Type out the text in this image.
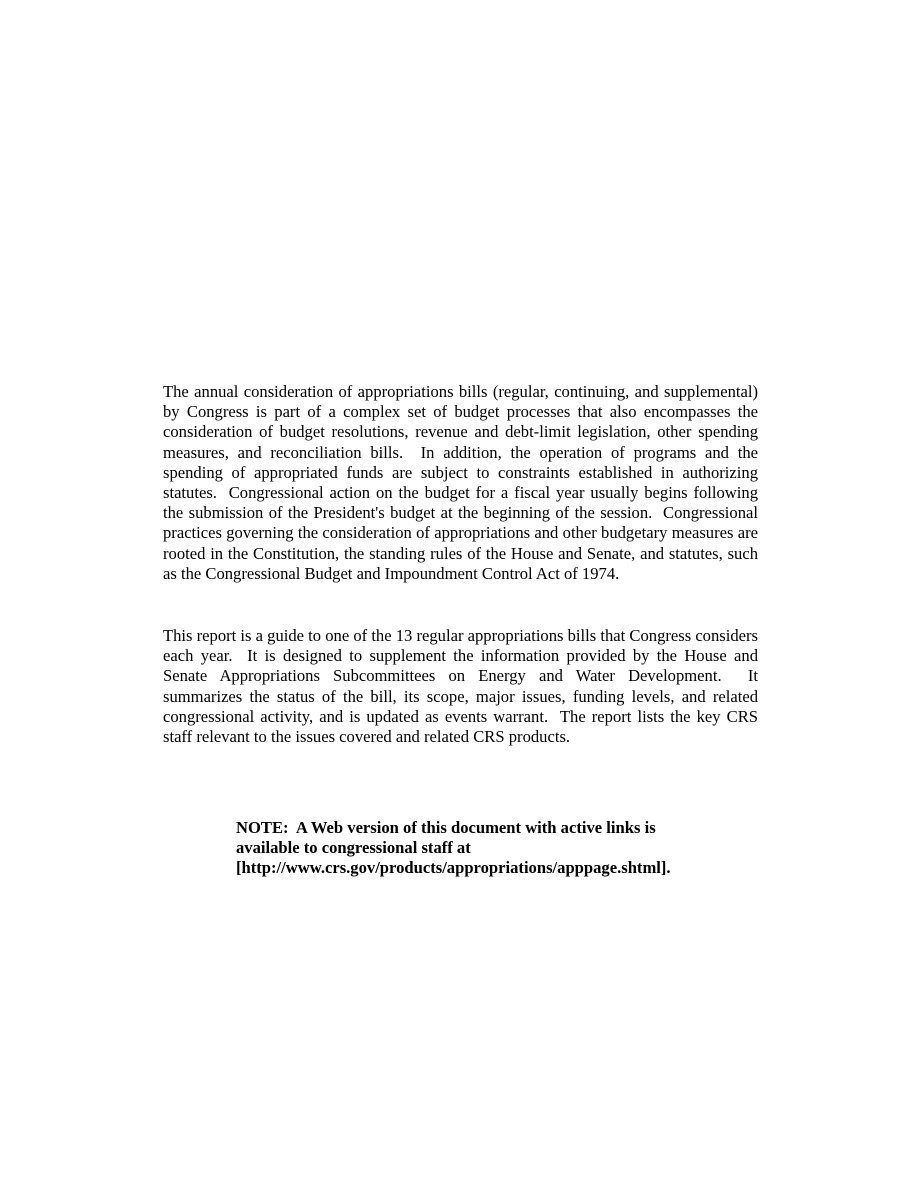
The annual consideration of appropriations bills (regular, continuing, and supplemental) by Congress is part of a complex set of budget processes that also encompasses the consideration of budget resolutions, revenue and debt-limit legislation, other spending measures, and reconciliation bills.  In addition, the operation of programs and the spending of appropriated funds are subject to constraints established in authorizing statutes.  Congressional action on the budget for a fiscal year usually begins following the submission of the President's budget at the beginning of the session.  Congressional practices governing the consideration of appropriations and other budgetary measures are rooted in the Constitution, the standing rules of the House and Senate, and statutes, such as the Congressional Budget and Impoundment Control Act of 1974.

This report is a guide to one of the 13 regular appropriations bills that Congress considers each year.  It is designed to supplement the information provided by the House and Senate Appropriations Subcommittees on Energy and Water Development.  It summarizes the status of the bill, its scope, major issues, funding levels, and related congressional activity, and is updated as events warrant.  The report lists the key CRS staff relevant to the issues covered and related CRS products.

NOTE:  A Web version of this document with active links is
available to congressional staff at
[http://www.crs.gov/products/appropriations/apppage.shtml].
